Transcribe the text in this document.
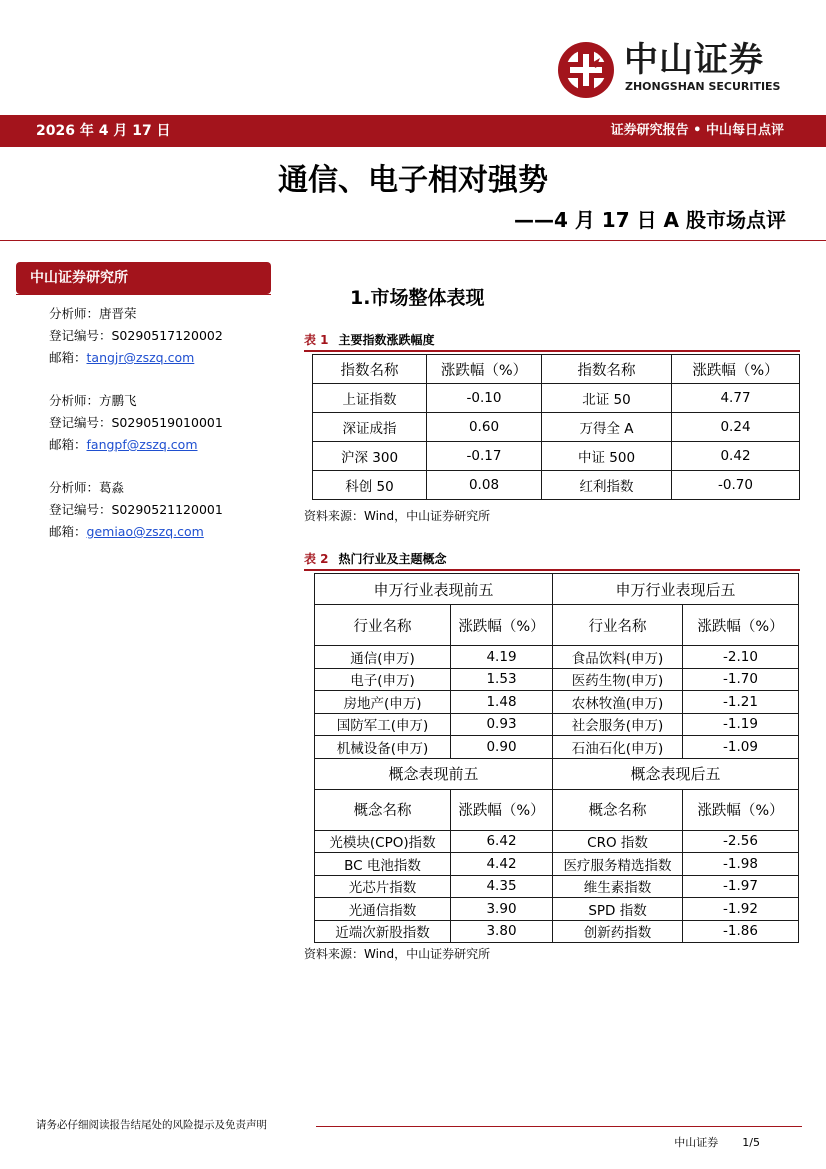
中山证券
ZHONGSHAN SECURITIES
2026 年 4 月 17 日	证券研究报告 • 中山每日点评
通信、电子相对强势
——4 月 17 日 A 股市场点评
中山证券研究所
分析师：唐晋荣
登记编号：S0290517120002
邮箱：tangjr@zszq.com
分析师：方鹏飞
登记编号：S0290519010001
邮箱：fangpf@zszq.com
分析师：葛淼
登记编号：S0290521120001
邮箱：gemiao@zszq.com
1.市场整体表现
表 1 主要指数涨跌幅度
指数名称	涨跌幅（%）	指数名称	涨跌幅（%）
上证指数	-0.10	北证 50	4.77
深证成指	0.60	万得全 A	0.24
沪深 300	-0.17	中证 500	0.42
科创 50	0.08	红利指数	-0.70
资料来源：Wind，中山证券研究所
表 2 热门行业及主题概念
申万行业表现前五		申万行业表现后五	
行业名称	涨跌幅（%）	行业名称	涨跌幅（%）
通信(申万)	4.19	食品饮料(申万)	-2.10
电子(申万)	1.53	医药生物(申万)	-1.70
房地产(申万)	1.48	农林牧渔(申万)	-1.21
国防军工(申万)	0.93	社会服务(申万)	-1.19
机械设备(申万)	0.90	石油石化(申万)	-1.09
概念表现前五		概念表现后五	
概念名称	涨跌幅（%）	概念名称	涨跌幅（%）
光模块(CPO)指数	6.42	CRO 指数	-2.56
BC 电池指数	4.42	医疗服务精选指数	-1.98
光芯片指数	4.35	维生素指数	-1.97
光通信指数	3.90	SPD 指数	-1.92
近端次新股指数	3.80	创新药指数	-1.86
资料来源：Wind，中山证券研究所
请务必仔细阅读报告结尾处的风险提示及免责声明
中山证券 1/5
